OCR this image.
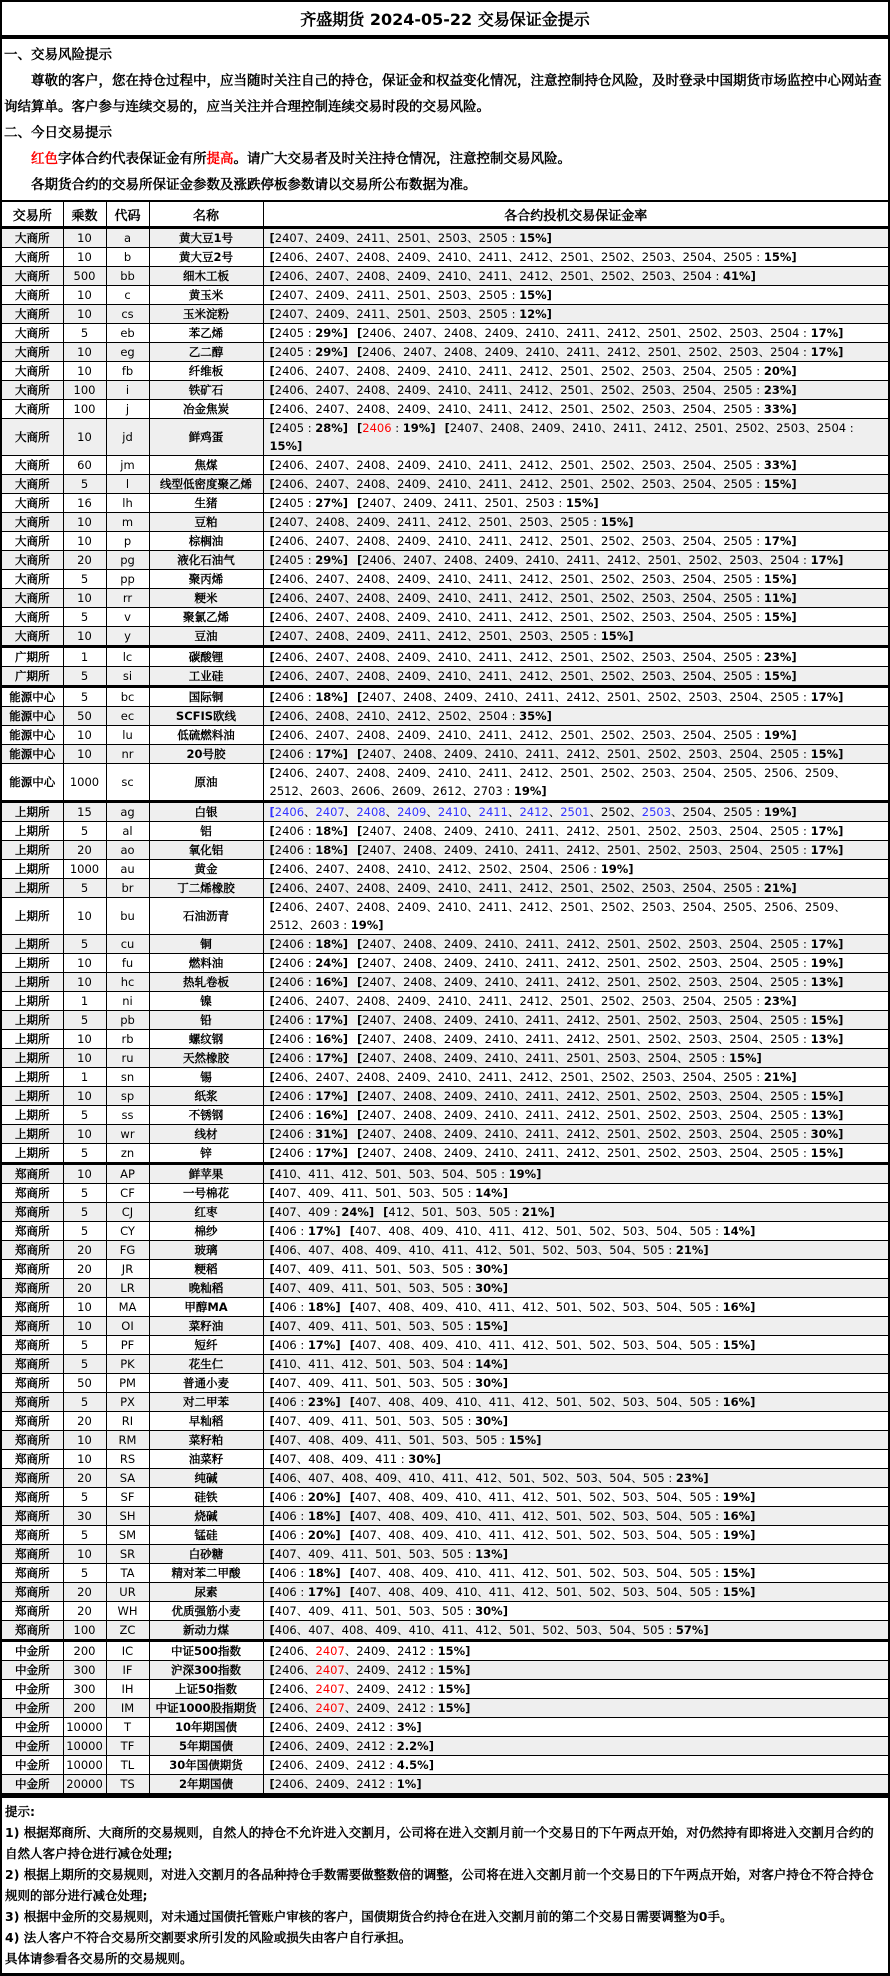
齐盛期货 2024-05-22 交易保证金提示
一、交易风险提示

尊敬的客户，您在持仓过程中，应当随时关注自己的持仓，保证金和权益变化情况，注意控制持仓风险，及时登录中国期货市场监控中心网站查询结算单。客户参与连续交易的，应当关注并合理控制连续交易时段的交易风险。

二、今日交易提示

红色字体合约代表保证金有所提高。请广大交易者及时关注持仓情况，注意控制交易风险。

各期货合约的交易所保证金参数及涨跌停板参数请以交易所公布数据为准。

交易所	乘数	代码	名称	各合约投机交易保证金率
大商所	10	a	黄大豆1号	[2407、2409、2411、2501、2503、2505 : 15%]
大商所	10	b	黄大豆2号	[2406、2407、2408、2409、2410、2411、2412、2501、2502、2503、2504、2505 : 15%]
大商所	500	bb	细木工板	[2406、2407、2408、2409、2410、2411、2412、2501、2502、2503、2504 : 41%]
大商所	10	c	黄玉米	[2407、2409、2411、2501、2503、2505 : 15%]
大商所	10	cs	玉米淀粉	[2407、2409、2411、2501、2503、2505 : 12%]
大商所	5	eb	苯乙烯	[2405 : 29%] [2406、2407、2408、2409、2410、2411、2412、2501、2502、2503、2504 : 17%]
大商所	10	eg	乙二醇	[2405 : 29%] [2406、2407、2408、2409、2410、2411、2412、2501、2502、2503、2504 : 17%]
大商所	10	fb	纤维板	[2406、2407、2408、2409、2410、2411、2412、2501、2502、2503、2504、2505 : 20%]
大商所	100	i	铁矿石	[2406、2407、2408、2409、2410、2411、2412、2501、2502、2503、2504、2505 : 23%]
大商所	100	j	冶金焦炭	[2406、2407、2408、2409、2410、2411、2412、2501、2502、2503、2504、2505 : 33%]
大商所	10	jd	鲜鸡蛋	[2405 : 28%] [2406 : 19%] [2407、2408、2409、2410、2411、2412、2501、2502、2503、2504 : 15%]
大商所	60	jm	焦煤	[2406、2407、2408、2409、2410、2411、2412、2501、2502、2503、2504、2505 : 33%]
大商所	5	l	线型低密度聚乙烯	[2406、2407、2408、2409、2410、2411、2412、2501、2502、2503、2504、2505 : 15%]
大商所	16	lh	生猪	[2405 : 27%] [2407、2409、2411、2501、2503 : 15%]
大商所	10	m	豆粕	[2407、2408、2409、2411、2412、2501、2503、2505 : 15%]
大商所	10	p	棕榈油	[2406、2407、2408、2409、2410、2411、2412、2501、2502、2503、2504、2505 : 17%]
大商所	20	pg	液化石油气	[2405 : 29%] [2406、2407、2408、2409、2410、2411、2412、2501、2502、2503、2504 : 17%]
大商所	5	pp	聚丙烯	[2406、2407、2408、2409、2410、2411、2412、2501、2502、2503、2504、2505 : 15%]
大商所	10	rr	粳米	[2406、2407、2408、2409、2410、2411、2412、2501、2502、2503、2504、2505 : 11%]
大商所	5	v	聚氯乙烯	[2406、2407、2408、2409、2410、2411、2412、2501、2502、2503、2504、2505 : 15%]
大商所	10	y	豆油	[2407、2408、2409、2411、2412、2501、2503、2505 : 15%]
广期所	1	lc	碳酸锂	[2406、2407、2408、2409、2410、2411、2412、2501、2502、2503、2504、2505 : 23%]
广期所	5	si	工业硅	[2406、2407、2408、2409、2410、2411、2412、2501、2502、2503、2504、2505 : 15%]
能源中心	5	bc	国际铜	[2406 : 18%] [2407、2408、2409、2410、2411、2412、2501、2502、2503、2504、2505 : 17%]
能源中心	50	ec	SCFIS欧线	[2406、2408、2410、2412、2502、2504 : 35%]
能源中心	10	lu	低硫燃料油	[2406、2407、2408、2409、2410、2411、2412、2501、2502、2503、2504、2505 : 19%]
能源中心	10	nr	20号胶	[2406 : 17%] [2407、2408、2409、2410、2411、2412、2501、2502、2503、2504、2505 : 15%]
能源中心	1000	sc	原油	[2406、2407、2408、2409、2410、2411、2412、2501、2502、2503、2504、2505、2506、2509、2512、2603、2606、2609、2612、2703 : 19%]
上期所	15	ag	白银	[2406、2407、2408、2409、2410、2411、2412、2501、2502、2503、2504、2505 : 19%]
上期所	5	al	铝	[2406 : 18%] [2407、2408、2409、2410、2411、2412、2501、2502、2503、2504、2505 : 17%]
上期所	20	ao	氧化铝	[2406 : 18%] [2407、2408、2409、2410、2411、2412、2501、2502、2503、2504、2505 : 17%]
上期所	1000	au	黄金	[2406、2407、2408、2410、2412、2502、2504、2506 : 19%]
上期所	5	br	丁二烯橡胶	[2406、2407、2408、2409、2410、2411、2412、2501、2502、2503、2504、2505 : 21%]
上期所	10	bu	石油沥青	[2406、2407、2408、2409、2410、2411、2412、2501、2502、2503、2504、2505、2506、2509、2512、2603 : 19%]
上期所	5	cu	铜	[2406 : 18%] [2407、2408、2409、2410、2411、2412、2501、2502、2503、2504、2505 : 17%]
上期所	10	fu	燃料油	[2406 : 24%] [2407、2408、2409、2410、2411、2412、2501、2502、2503、2504、2505 : 19%]
上期所	10	hc	热轧卷板	[2406 : 16%] [2407、2408、2409、2410、2411、2412、2501、2502、2503、2504、2505 : 13%]
上期所	1	ni	镍	[2406、2407、2408、2409、2410、2411、2412、2501、2502、2503、2504、2505 : 23%]
上期所	5	pb	铅	[2406 : 17%] [2407、2408、2409、2410、2411、2412、2501、2502、2503、2504、2505 : 15%]
上期所	10	rb	螺纹钢	[2406 : 16%] [2407、2408、2409、2410、2411、2412、2501、2502、2503、2504、2505 : 13%]
上期所	10	ru	天然橡胶	[2406 : 17%] [2407、2408、2409、2410、2411、2501、2503、2504、2505 : 15%]
上期所	1	sn	锡	[2406、2407、2408、2409、2410、2411、2412、2501、2502、2503、2504、2505 : 21%]
上期所	10	sp	纸浆	[2406 : 17%] [2407、2408、2409、2410、2411、2412、2501、2502、2503、2504、2505 : 15%]
上期所	5	ss	不锈钢	[2406 : 16%] [2407、2408、2409、2410、2411、2412、2501、2502、2503、2504、2505 : 13%]
上期所	10	wr	线材	[2406 : 31%] [2407、2408、2409、2410、2411、2412、2501、2502、2503、2504、2505 : 30%]
上期所	5	zn	锌	[2406 : 17%] [2407、2408、2409、2410、2411、2412、2501、2502、2503、2504、2505 : 15%]
郑商所	10	AP	鲜苹果	[410、411、412、501、503、504、505 : 19%]
郑商所	5	CF	一号棉花	[407、409、411、501、503、505 : 14%]
郑商所	5	CJ	红枣	[407、409 : 24%] [412、501、503、505 : 21%]
郑商所	5	CY	棉纱	[406 : 17%] [407、408、409、410、411、412、501、502、503、504、505 : 14%]
郑商所	20	FG	玻璃	[406、407、408、409、410、411、412、501、502、503、504、505 : 21%]
郑商所	20	JR	粳稻	[407、409、411、501、503、505 : 30%]
郑商所	20	LR	晚籼稻	[407、409、411、501、503、505 : 30%]
郑商所	10	MA	甲醇MA	[406 : 18%] [407、408、409、410、411、412、501、502、503、504、505 : 16%]
郑商所	10	OI	菜籽油	[407、409、411、501、503、505 : 15%]
郑商所	5	PF	短纤	[406 : 17%] [407、408、409、410、411、412、501、502、503、504、505 : 15%]
郑商所	5	PK	花生仁	[410、411、412、501、503、504 : 14%]
郑商所	50	PM	普通小麦	[407、409、411、501、503、505 : 30%]
郑商所	5	PX	对二甲苯	[406 : 23%] [407、408、409、410、411、412、501、502、503、504、505 : 16%]
郑商所	20	RI	早籼稻	[407、409、411、501、503、505 : 30%]
郑商所	10	RM	菜籽粕	[407、408、409、411、501、503、505 : 15%]
郑商所	10	RS	油菜籽	[407、408、409、411 : 30%]
郑商所	20	SA	纯碱	[406、407、408、409、410、411、412、501、502、503、504、505 : 23%]
郑商所	5	SF	硅铁	[406 : 20%] [407、408、409、410、411、412、501、502、503、504、505 : 19%]
郑商所	30	SH	烧碱	[406 : 18%] [407、408、409、410、411、412、501、502、503、504、505 : 16%]
郑商所	5	SM	锰硅	[406 : 20%] [407、408、409、410、411、412、501、502、503、504、505 : 19%]
郑商所	10	SR	白砂糖	[407、409、411、501、503、505 : 13%]
郑商所	5	TA	精对苯二甲酸	[406 : 18%] [407、408、409、410、411、412、501、502、503、504、505 : 15%]
郑商所	20	UR	尿素	[406 : 17%] [407、408、409、410、411、412、501、502、503、504、505 : 15%]
郑商所	20	WH	优质强筋小麦	[407、409、411、501、503、505 : 30%]
郑商所	100	ZC	新动力煤	[406、407、408、409、410、411、412、501、502、503、504、505 : 57%]
中金所	200	IC	中证500指数	[2406、2407、2409、2412 : 15%]
中金所	300	IF	沪深300指数	[2406、2407、2409、2412 : 15%]
中金所	300	IH	上证50指数	[2406、2407、2409、2412 : 15%]
中金所	200	IM	中证1000股指期货	[2406、2407、2409、2412 : 15%]
中金所	10000	T	10年期国债	[2406、2409、2412 : 3%]
中金所	10000	TF	5年期国债	[2406、2409、2412 : 2.2%]
中金所	10000	TL	30年国债期货	[2406、2409、2412 : 4.5%]
中金所	20000	TS	2年期国债	[2406、2409、2412 : 1%]
提示:
1) 根据郑商所、大商所的交易规则，自然人的持仓不允许进入交割月，公司将在进入交割月前一个交易日的下午两点开始，对仍然持有即将进入交割月合约的自然人客户持仓进行减仓处理;
2) 根据上期所的交易规则，对进入交割月的各品种持仓手数需要做整数倍的调整，公司将在进入交割月前一个交易日的下午两点开始，对客户持仓不符合持仓规则的部分进行减仓处理;
3) 根据中金所的交易规则，对未通过国债托管账户审核的客户，国债期货合约持仓在进入交割月前的第二个交易日需要调整为0手。
4) 法人客户不符合交易所交割要求所引发的风险或损失由客户自行承担。
具体请参看各交易所的交易规则。
